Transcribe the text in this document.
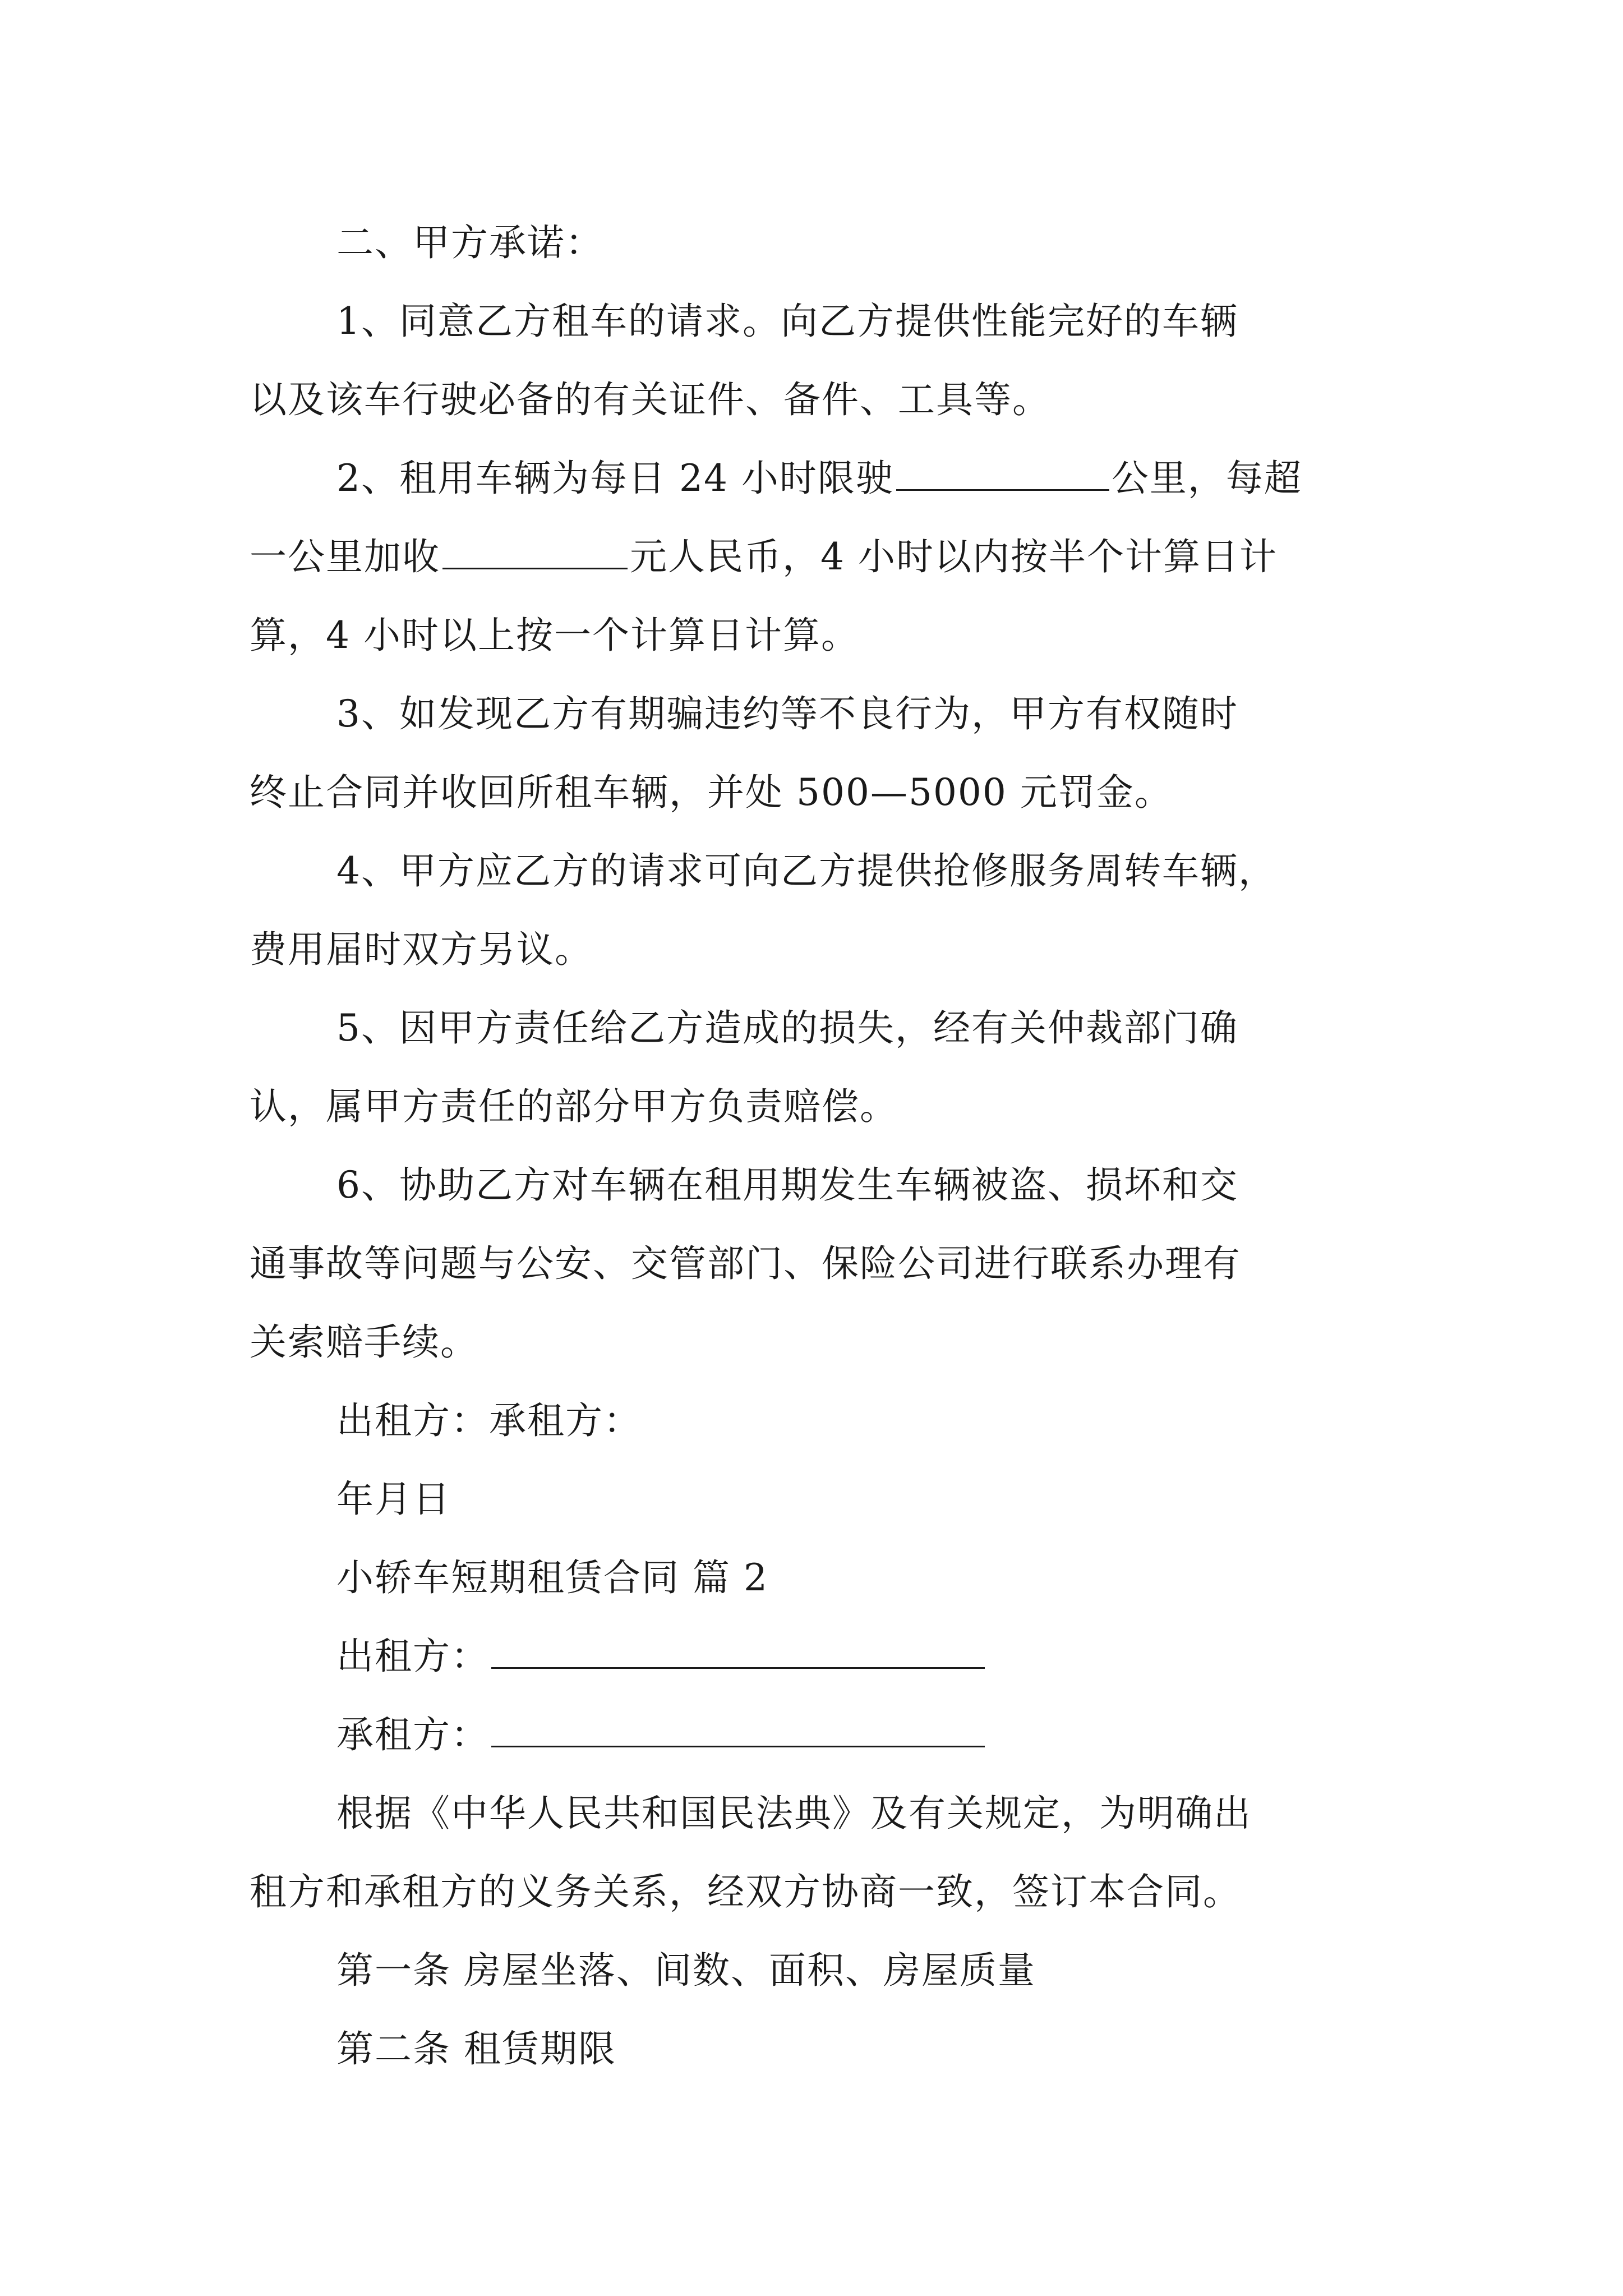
二、甲方承诺：
1、同意乙方租车的请求。向乙方提供性能完好的车辆
以及该车行驶必备的有关证件、备件、工具等。
2、租用车辆为每日 24 小时限驶	公里，每超
一公里加收	元人民币，4 小时以内按半个计算日计
算，4 小时以上按一个计算日计算。
3、如发现乙方有期骗违约等不良行为，甲方有权随时
终止合同并收回所租车辆，并处 500—5000 元罚金。
4、甲方应乙方的请求可向乙方提供抢修服务周转车辆，
费用届时双方另议。
5、因甲方责任给乙方造成的损失，经有关仲裁部门确
认，属甲方责任的部分甲方负责赔偿。
6、协助乙方对车辆在租用期发生车辆被盗、损坏和交
通事故等问题与公安、交管部门、保险公司进行联系办理有
关索赔手续。
出租方：承租方：
年月日
小轿车短期租赁合同 篇 2
出租方：
承租方：
根据《中华人民共和国民法典》及有关规定，为明确出
租方和承租方的义务关系，经双方协商一致，签订本合同。
第一条 房屋坐落、间数、面积、房屋质量
第二条 租赁期限
